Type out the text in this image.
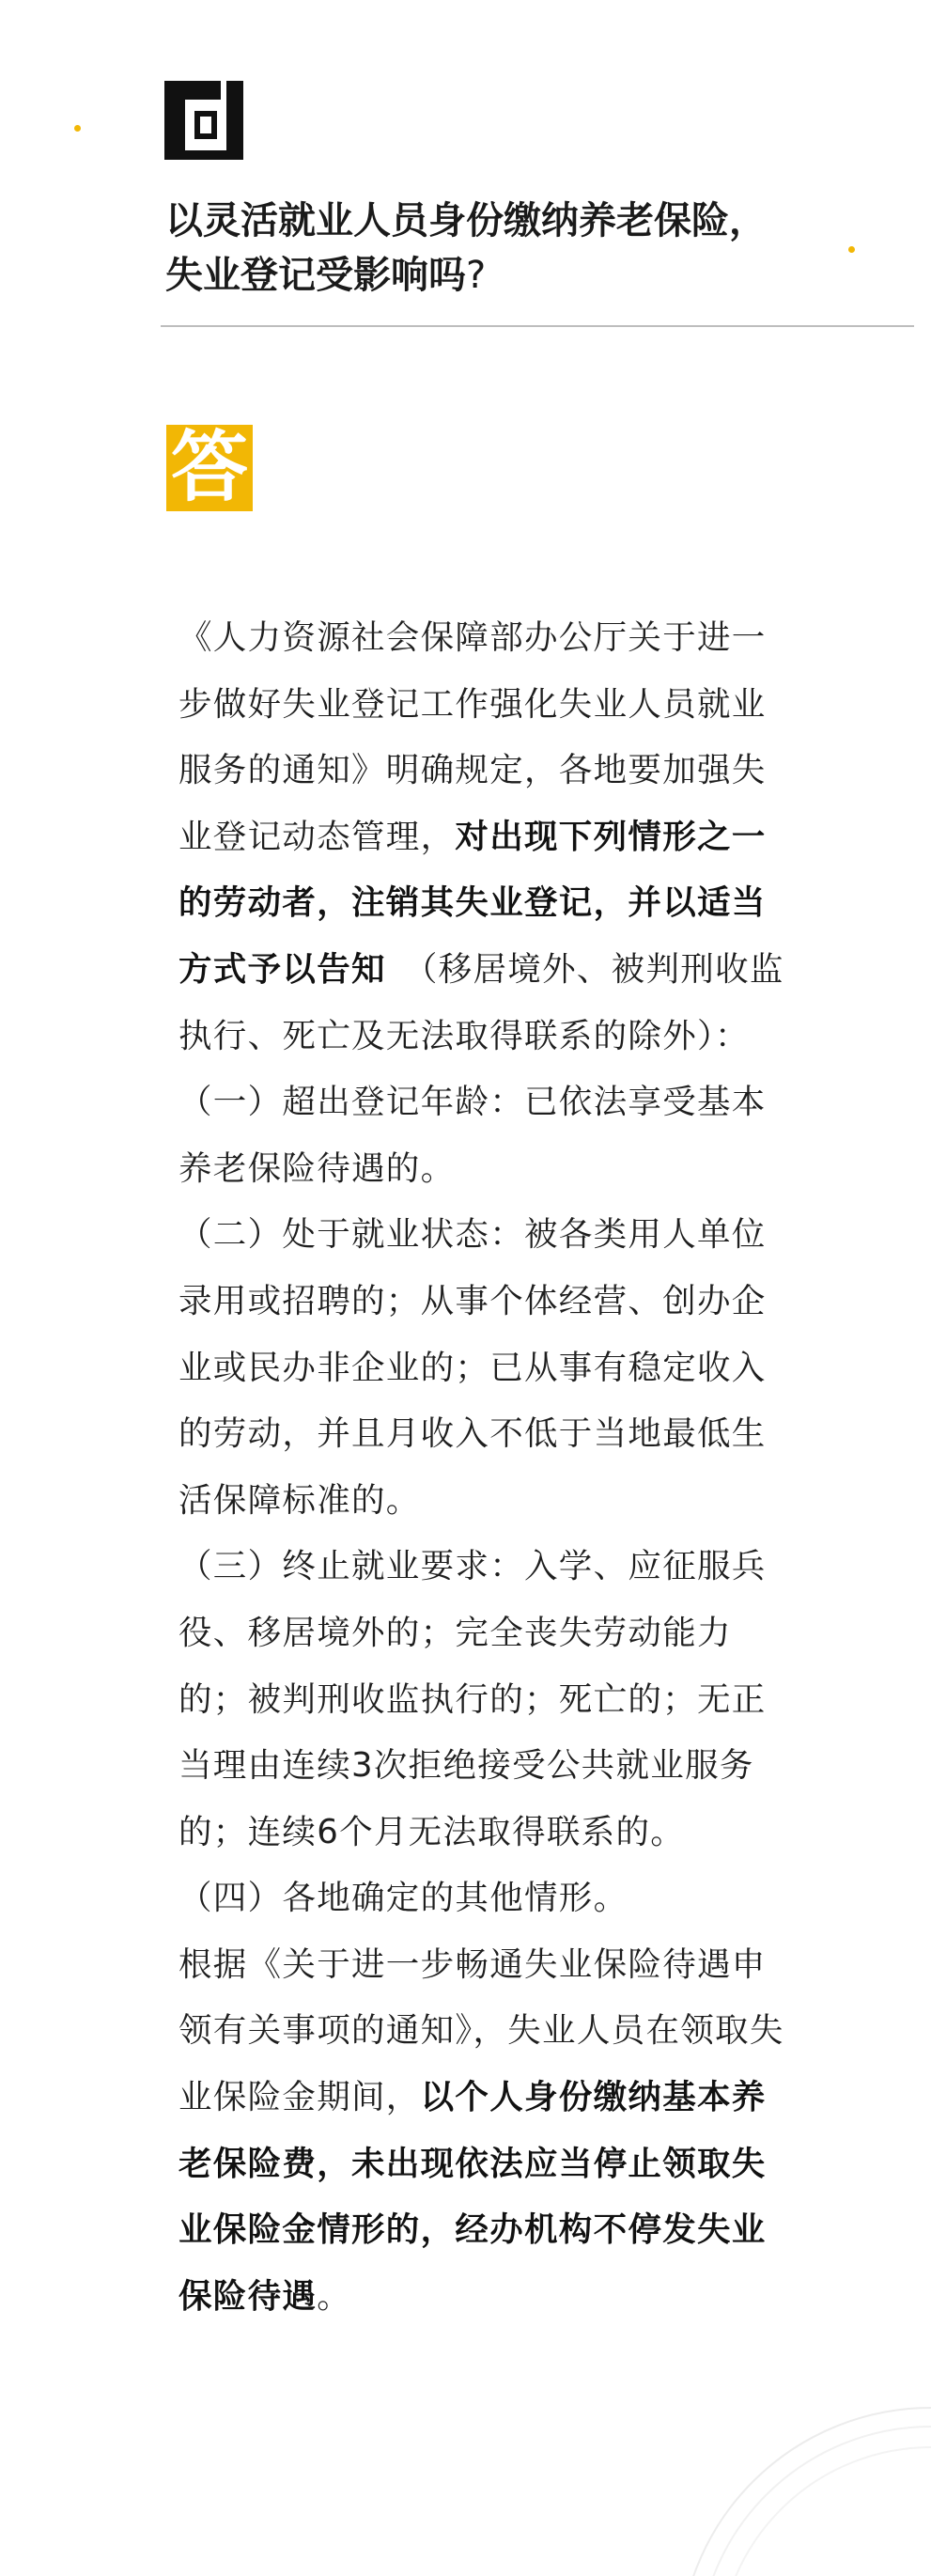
以灵活就业人员身份缴纳养老保险，
失业登记受影响吗?
答

《人力资源社会保障部办公厅关于进一步做好失业登记工作强化失业人员就业服务的通知》明确规定，各地要加强失业登记动态管理，对出现下列情形之一的劳动者，注销其失业登记，并以适当方式予以告知　（移居境外、被判刑收监执行、死亡及无法取得联系的除外）：

（一）超出登记年龄：已依法享受基本养老保险待遇的。

（二）处于就业状态：被各类用人单位录用或招聘的；从事个体经营、创办企业或民办非企业的；已从事有稳定收入的劳动，并且月收入不低于当地最低生活保障标准的。

（三）终止就业要求：入学、应征服兵役、移居境外的；完全丧失劳动能力的；被判刑收监执行的；死亡的；无正当理由连续3次拒绝接受公共就业服务的；连续6个月无法取得联系的。

（四）各地确定的其他情形。

根据《关于进一步畅通失业保险待遇申领有关事项的通知》，失业人员在领取失业保险金期间，以个人身份缴纳基本养老保险费，未出现依法应当停止领取失业保险金情形的，经办机构不停发失业保险待遇。
